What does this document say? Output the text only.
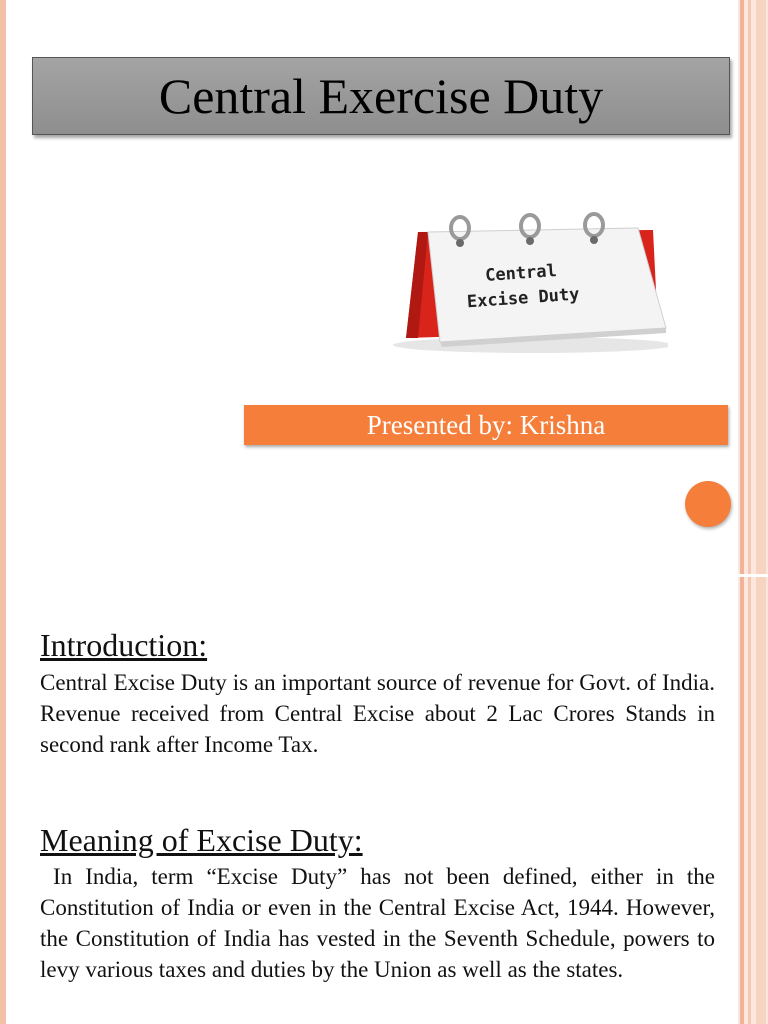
Central Exercise Duty
Central
Excise Duty
Presented by: Krishna
Introduction:

Central Excise Duty is an important source of revenue for Govt. of India. Revenue received from Central Excise about 2 Lac Crores Stands in second rank after Income Tax.

Meaning of Excise Duty:

In India, term “Excise Duty” has not been defined, either in the Constitution of India or even in the Central Excise Act, 1944. However, the Constitution of India has vested in the Seventh Schedule, powers to levy various taxes and duties by the Union as well as the states.
